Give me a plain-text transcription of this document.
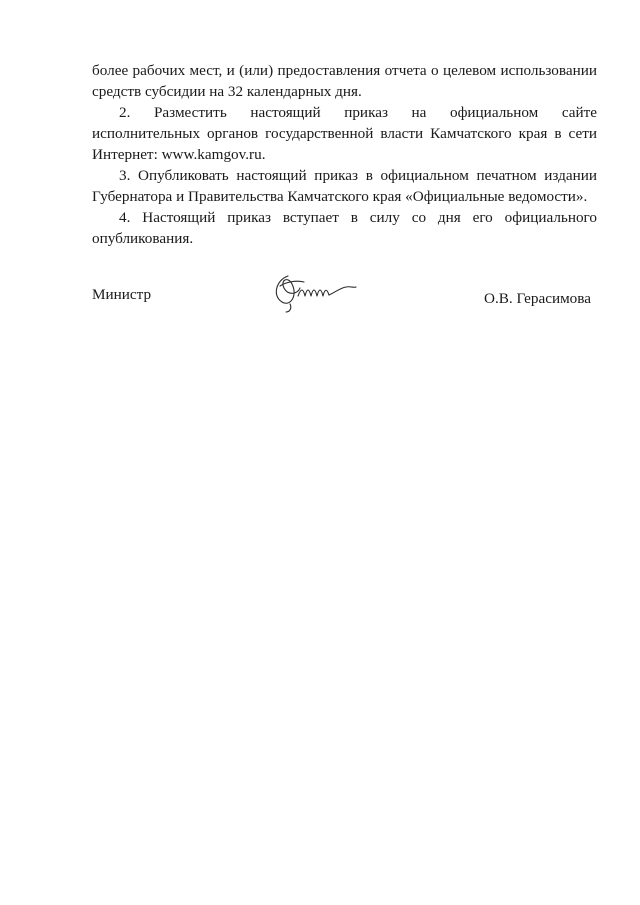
более рабочих мест, и (или) предоставления отчета о целевом использовании
средств субсидии на 32 календарных дня.

2. Разместить настоящий приказ на официальном сайте
исполнительных органов государственной власти Камчатского края в сети
Интернет: www.kamgov.ru.

3. Опубликовать настоящий приказ в официальном печатном издании
Губернатора и Правительства Камчатского края «Официальные ведомости».

4. Настоящий приказ вступает в силу со дня его официального
опубликования.

Министр	О.В. Герасимова
